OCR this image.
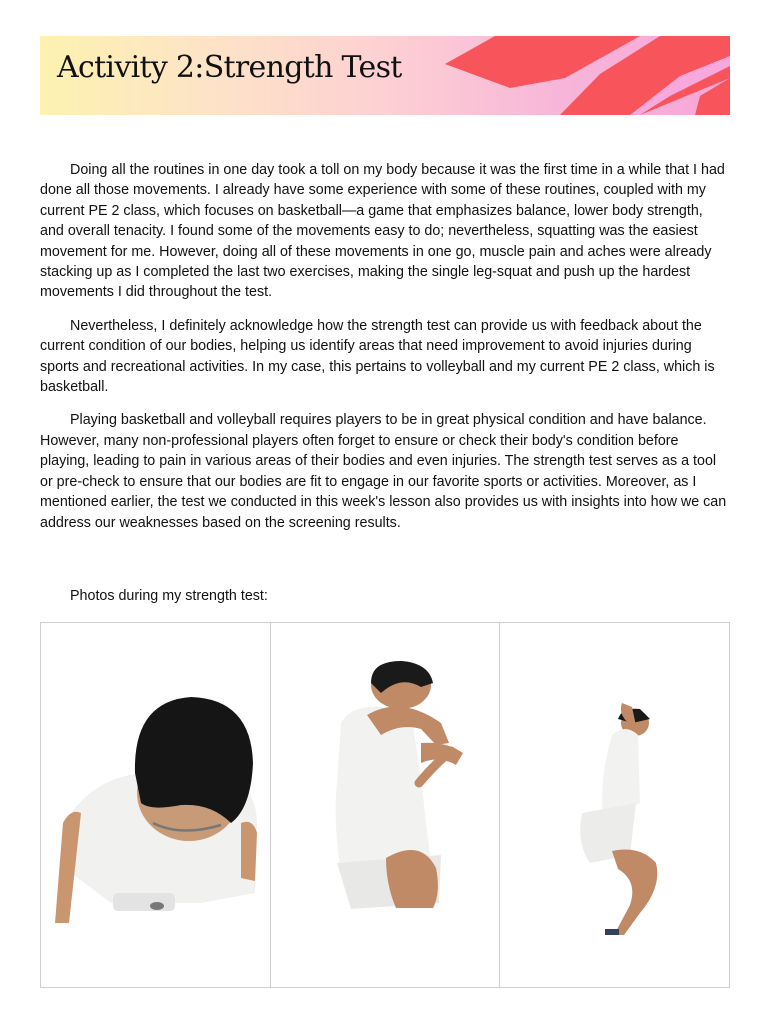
Activity 2:Strength Test

Doing all the routines in one day took a toll on my body because it was the first time in a while that I had done all those movements. I already have some experience with some of these routines, coupled with my current PE 2 class, which focuses on basketball—a game that emphasizes balance, lower body strength, and overall tenacity. I found some of the movements easy to do; nevertheless, squatting was the easiest movement for me. However, doing all of these movements in one go, muscle pain and aches were already stacking up as I completed the last two exercises, making the single leg-squat and push up the hardest movements I did throughout the test.

Nevertheless, I definitely acknowledge how the strength test can provide us with feedback about the current condition of our bodies, helping us identify areas that need improvement to avoid injuries during sports and recreational activities. In my case, this pertains to volleyball and my current PE 2 class, which is basketball.

Playing basketball and volleyball requires players to be in great physical condition and have balance. However, many non-professional players often forget to ensure or check their body's condition before playing, leading to pain in various areas of their bodies and even injuries. The strength test serves as a tool or pre-check to ensure that our bodies are fit to engage in our favorite sports or activities. Moreover, as I mentioned earlier, the test we conducted in this week's lesson also provides us with insights into how we can address our weaknesses based on the screening results.

Photos during my strength test:
